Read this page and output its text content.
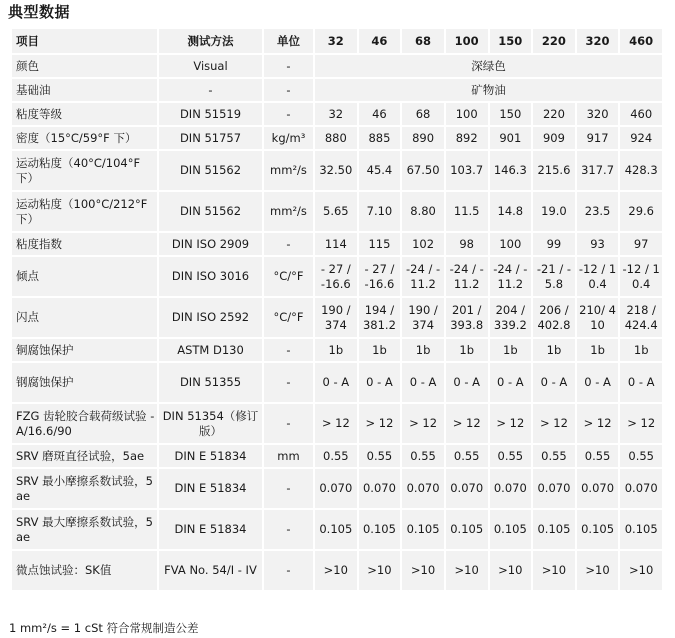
典型数据
项目	测试方法	单位	32	46	68	100	150	220	320	460
颜色	Visual	-	深绿色							
基础油	-	-	矿物油							
粘度等级	DIN 51519	-	32	46	68	100	150	220	320	460
密度（15°C/59°F 下）	DIN 51757	kg/m³	880	885	890	892	901	909	917	924
运动粘度（40°C/104°F 下）	DIN 51562	mm²/s	32.50	45.4	67.50	103.7	146.3	215.6	317.7	428.3
运动粘度（100°C/212°F 下）	DIN 51562	mm²/s	5.65	7.10	8.80	11.5	14.8	19.0	23.5	29.6
粘度指数	DIN ISO 2909	-	114	115	102	98	100	99	93	97
倾点	DIN ISO 3016	°C/°F	- 27 / -16.6	- 27 / -16.6	-24 / -11.2	-24 / -11.2	-24 / -11.2	-21 / -5.8	-12 / 10.4	-12 / 10.4
闪点	DIN ISO 2592	°C/°F	190 / 374	194 / 381.2	190 / 374	201 / 393.8	204 / 339.2	206 / 402.8	210/ 410	218 / 424.4
铜腐蚀保护	ASTM D130	-	1b	1b	1b	1b	1b	1b	1b	1b
钢腐蚀保护	DIN 51355	-	0 - A	0 - A	0 - A	0 - A	0 - A	0 - A	0 - A	0 - A
FZG 齿轮胶合载荷级试验 - A/16.6/90	DIN 51354（修订版）	-	> 12	> 12	> 12	> 12	> 12	> 12	> 12	> 12
SRV 磨斑直径试验，5ae	DIN E 51834	mm	0.55	0.55	0.55	0.55	0.55	0.55	0.55	0.55
SRV 最小摩擦系数试验，5ae	DIN E 51834	-	0.070	0.070	0.070	0.070	0.070	0.070	0.070	0.070
SRV 最大摩擦系数试验，5ae	DIN E 51834	-	0.105	0.105	0.105	0.105	0.105	0.105	0.105	0.105
微点蚀试验：SK值	FVA No. 54/I - IV	-	>10	>10	>10	>10	>10	>10	>10	>10
1 mm²/s = 1 cSt 符合常规制造公差
